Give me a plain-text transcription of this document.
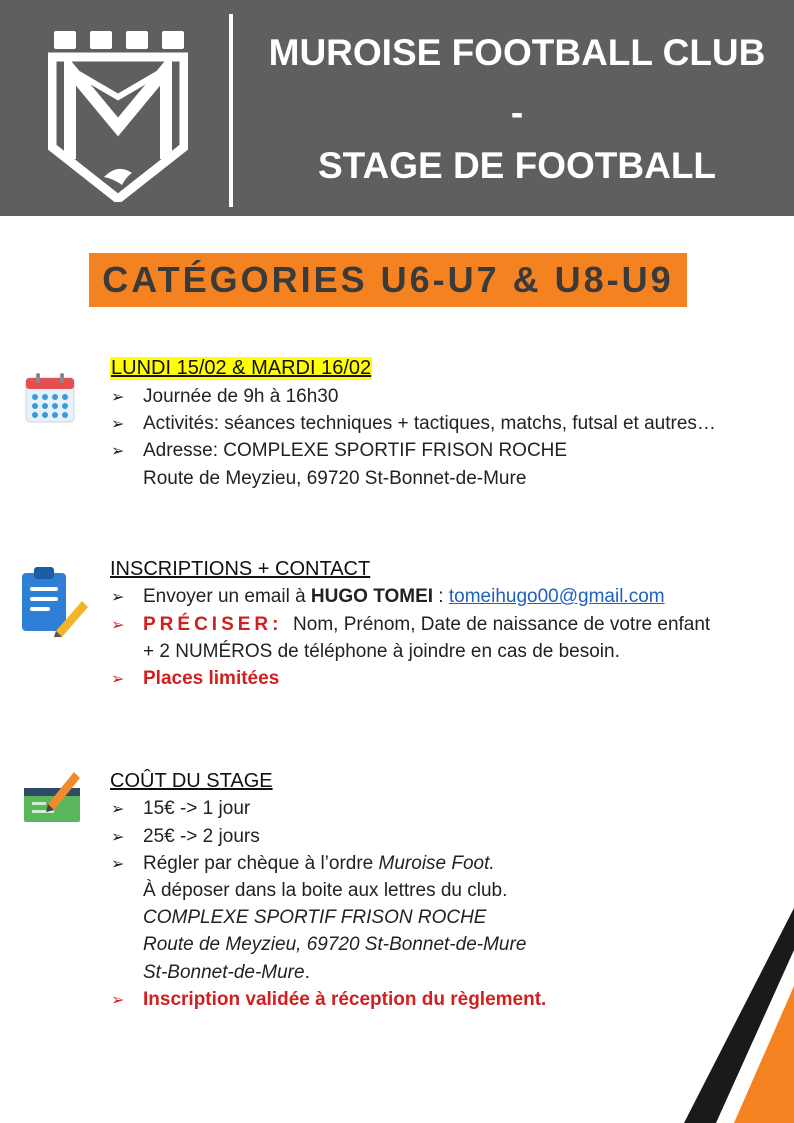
MUROISE FOOTBALL CLUB
-
STAGE DE FOOTBALL
CATÉGORIES U6-U7 & U8-U9
LUNDI 15/02 & MARDI 16/02
➢ Journée de 9h à 16h30
➢ Activités: séances techniques + tactiques, matchs, futsal et autres…
➢ Adresse: COMPLEXE SPORTIF FRISON ROCHE
Route de Meyzieu, 69720 St-Bonnet-de-Mure
INSCRIPTIONS + CONTACT
➢ Envoyer un email à HUGO TOMEI : tomeihugo00@gmail.com
➢ PRÉCISER: Nom, Prénom, Date de naissance de votre enfant
+ 2 NUMÉROS de téléphone à joindre en cas de besoin.
➢ Places limitées
COÛT DU STAGE
➢ 15€ -> 1 jour
➢ 25€ -> 2 jours
➢ Régler par chèque à l’ordre Muroise Foot.
À déposer dans la boite aux lettres du club.
COMPLEXE SPORTIF FRISON ROCHE
Route de Meyzieu, 69720 St-Bonnet-de-Mure
St-Bonnet-de-Mure.
➢ Inscription validée à réception du règlement.
